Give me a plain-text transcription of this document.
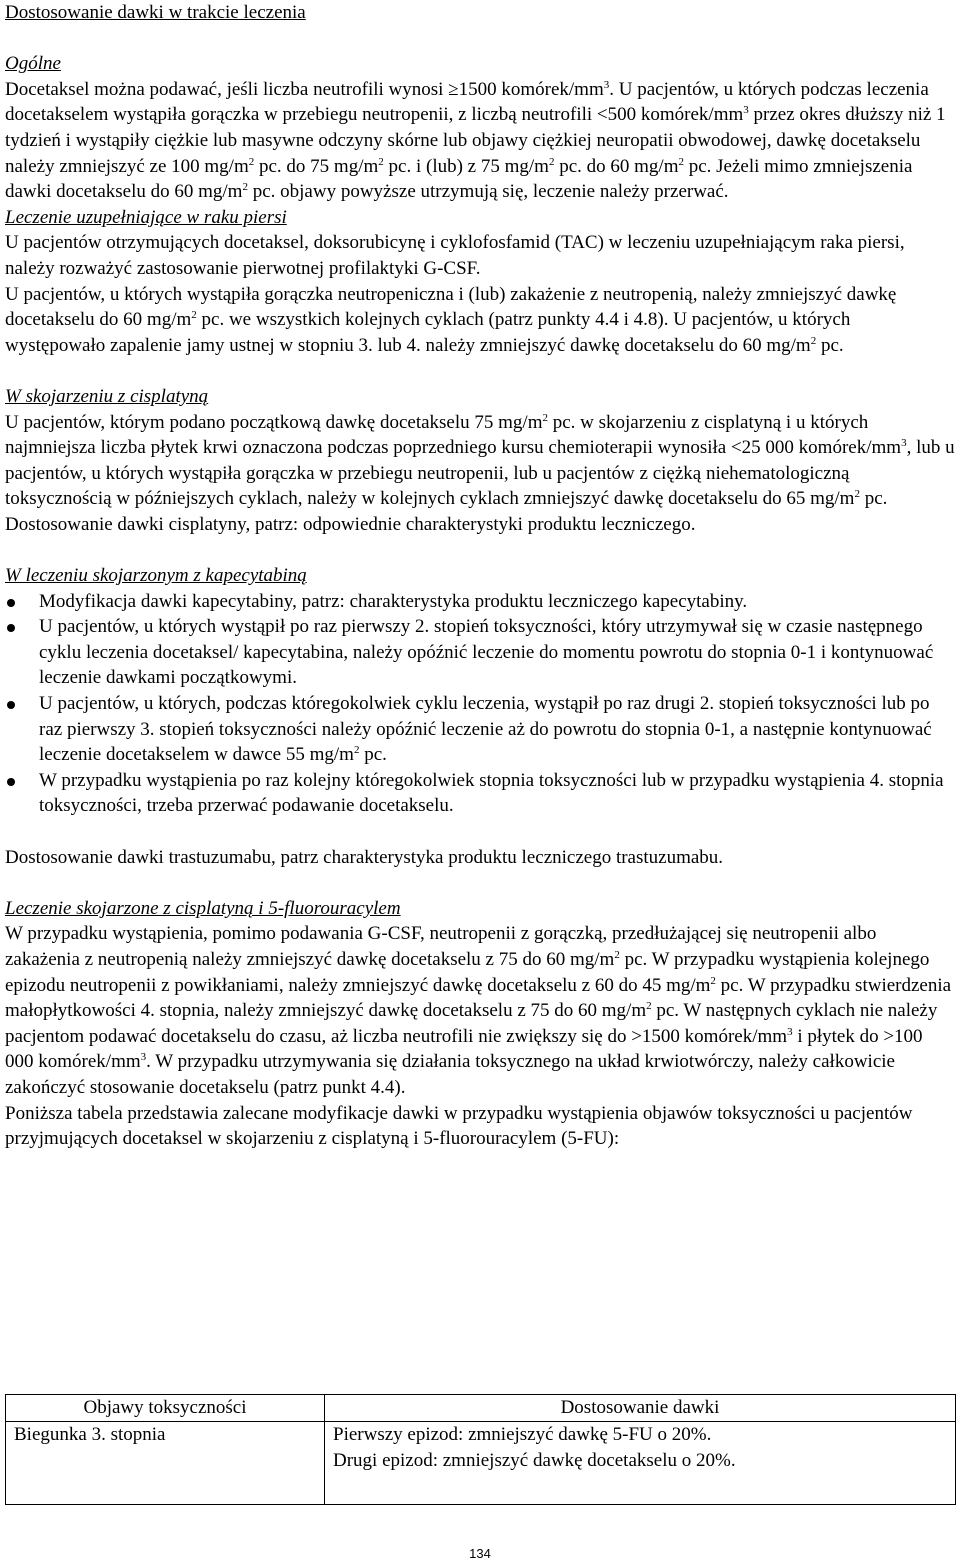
Dostosowanie dawki w trakcie leczenia

Ogólne

Docetaksel można podawać, jeśli liczba neutrofili wynosi ≥1500 komórek/$mm^3$. U pacjentów, u których podczas leczenia docetakselem wystąpiła gorączka w przebiegu neutropenii, z liczbą neutrofili <500 komórek/$mm^3$ przez okres dłuższy niż 1 tydzień i wystąpiły ciężkie lub masywne odczyny skórne lub objawy ciężkiej neuropatii obwodowej, dawkę docetakselu należy zmniejszyć ze 100 $mg/m^2$ pc. do 75 $mg/m^2$ pc. i (lub) z 75 $mg/m^2$ pc. do 60 $mg/m^2$ pc. Jeżeli mimo zmniejszenia dawki docetakselu do 60 $mg/m^2$ pc. objawy powyższe utrzymują się, leczenie należy przerwać.

Leczenie uzupełniające w raku piersi

U pacjentów otrzymujących docetaksel, doksorubicynę i cyklofosfamid (TAC) w leczeniu uzupełniającym raka piersi, należy rozważyć zastosowanie pierwotnej profilaktyki G-CSF.

U pacjentów, u których wystąpiła gorączka neutropeniczna i (lub) zakażenie z neutropenią, należy zmniejszyć dawkę docetakselu do 60 $mg/m^2$ pc. we wszystkich kolejnych cyklach (patrz punkty 4.4 i 4.8). U pacjentów, u których występowało zapalenie jamy ustnej w stopniu 3. lub 4. należy zmniejszyć dawkę docetakselu do 60 $mg/m^2$ pc.

W skojarzeniu z cisplatyną

U pacjentów, którym podano początkową dawkę docetakselu 75 $mg/m^2$ pc. w skojarzeniu z cisplatyną i u których najmniejsza liczba płytek krwi oznaczona podczas poprzedniego kursu chemioterapii wynosiła <25 000 komórek/$mm^3$, lub u pacjentów, u których wystąpiła gorączka w przebiegu neutropenii, lub u pacjentów z ciężką niehematologiczną toksycznością w późniejszych cyklach, należy w kolejnych cyklach zmniejszyć dawkę docetakselu do 65 $mg/m^2$ pc. Dostosowanie dawki cisplatyny, patrz: odpowiednie charakterystyki produktu leczniczego.

W leczeniu skojarzonym z kapecytabiną

Modyfikacja dawki kapecytabiny, patrz: charakterystyka produktu leczniczego kapecytabiny.
U pacjentów, u których wystąpił po raz pierwszy 2. stopień toksyczności, który utrzymywał się w czasie następnego cyklu leczenia docetaksel/ kapecytabina, należy opóźnić leczenie do momentu powrotu do stopnia 0-1 i kontynuować leczenie dawkami początkowymi.
U pacjentów, u których, podczas któregokolwiek cyklu leczenia, wystąpił po raz drugi 2. stopień toksyczności lub po raz pierwszy 3. stopień toksyczności należy opóźnić leczenie aż do powrotu do stopnia 0-1, a następnie kontynuować leczenie docetakselem w dawce 55 $mg/m^2$ pc.
W przypadku wystąpienia po raz kolejny któregokolwiek stopnia toksyczności lub w przypadku wystąpienia 4. stopnia toksyczności, trzeba przerwać podawanie docetakselu.

Dostosowanie dawki trastuzumabu, patrz charakterystyka produktu leczniczego trastuzumabu.

Leczenie skojarzone z cisplatyną i 5-fluorouracylem

W przypadku wystąpienia, pomimo podawania G-CSF, neutropenii z gorączką, przedłużającej się neutropenii albo zakażenia z neutropenią należy zmniejszyć dawkę docetakselu z 75 do 60 $mg/m^2$ pc. W przypadku wystąpienia kolejnego epizodu neutropenii z powikłaniami, należy zmniejszyć dawkę docetakselu z 60 do 45 $mg/m^2$ pc. W przypadku stwierdzenia małopłytkowości 4. stopnia, należy zmniejszyć dawkę docetakselu z 75 do 60 $mg/m^2$ pc. W następnych cyklach nie należy pacjentom podawać docetakselu do czasu, aż liczba neutrofili nie zwiększy się do >1500 komórek/$mm^3$ i płytek do >100 000 komórek/$mm^3$. W przypadku utrzymywania się działania toksycznego na układ krwiotwórczy, należy całkowicie zakończyć stosowanie docetakselu (patrz punkt 4.4).

Poniższa tabela przedstawia zalecane modyfikacje dawki w przypadku wystąpienia objawów toksyczności u pacjentów przyjmujących docetaksel w skojarzeniu z cisplatyną i 5-fluorouracylem (5-FU):

Objawy toksyczności	Dostosowanie dawki
Biegunka 3. stopnia	Pierwszy epizod: zmniejszyć dawkę 5-FU o 20%.
Drugi epizod: zmniejszyć dawkę docetakselu o 20%.
134
